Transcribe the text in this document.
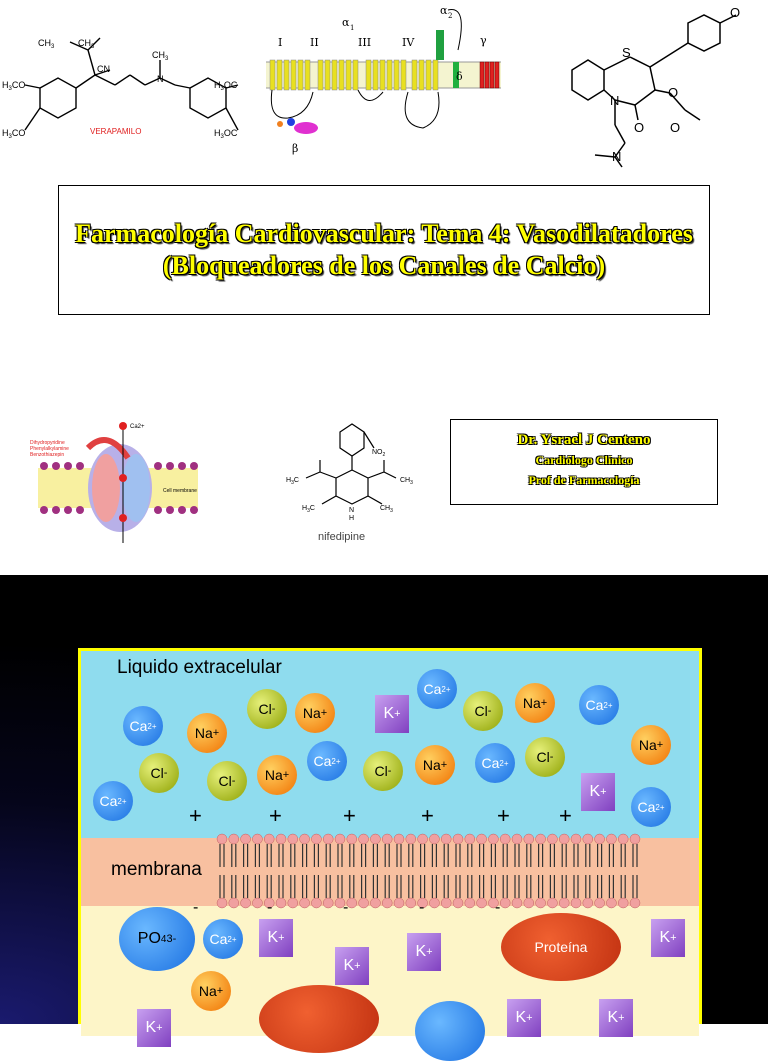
$CH_3$	$CH_3$
CN
$CH_3$
N
$H_3CO$
$H_3CO$
$H_3OC$
$H_3OC$
VERAPAMILO
I	II	III	IV
α 1
α 2
γ
δ
β
S
N
O
O
O
N
O
Farmacología Cardiovascular: Tema 4: Vasodilatadores (Bloqueadores de los Canales de Calcio)
Ca2+
Dihydropyridine
Phenylalkylamine
Benzothiazepin
Cell membrane
$NO_2$
$H_3C$	$CH_3$
$H_3C$	$CH_3$
N
H
nifedipine
Dr. Ysrael J Centeno
Cardiólogo Clínico
Prof de Farmacología
Liquido extracelular
membrana
Ca 2+	Na +
Cl - Na +	K +
Ca 2+
Cl - Na +	Ca 2+
Cl -	Cl - Na +
Ca 2+
Cl - Na + Ca 2+ Cl -
K +
Na +
Ca 2+	Ca 2+
+	+	+	+	+ +
-	-	-	-	-
PO 4 3- Ca 2+ K +
K +
K +	Proteína
K +
Na +
K +	K +
K +
